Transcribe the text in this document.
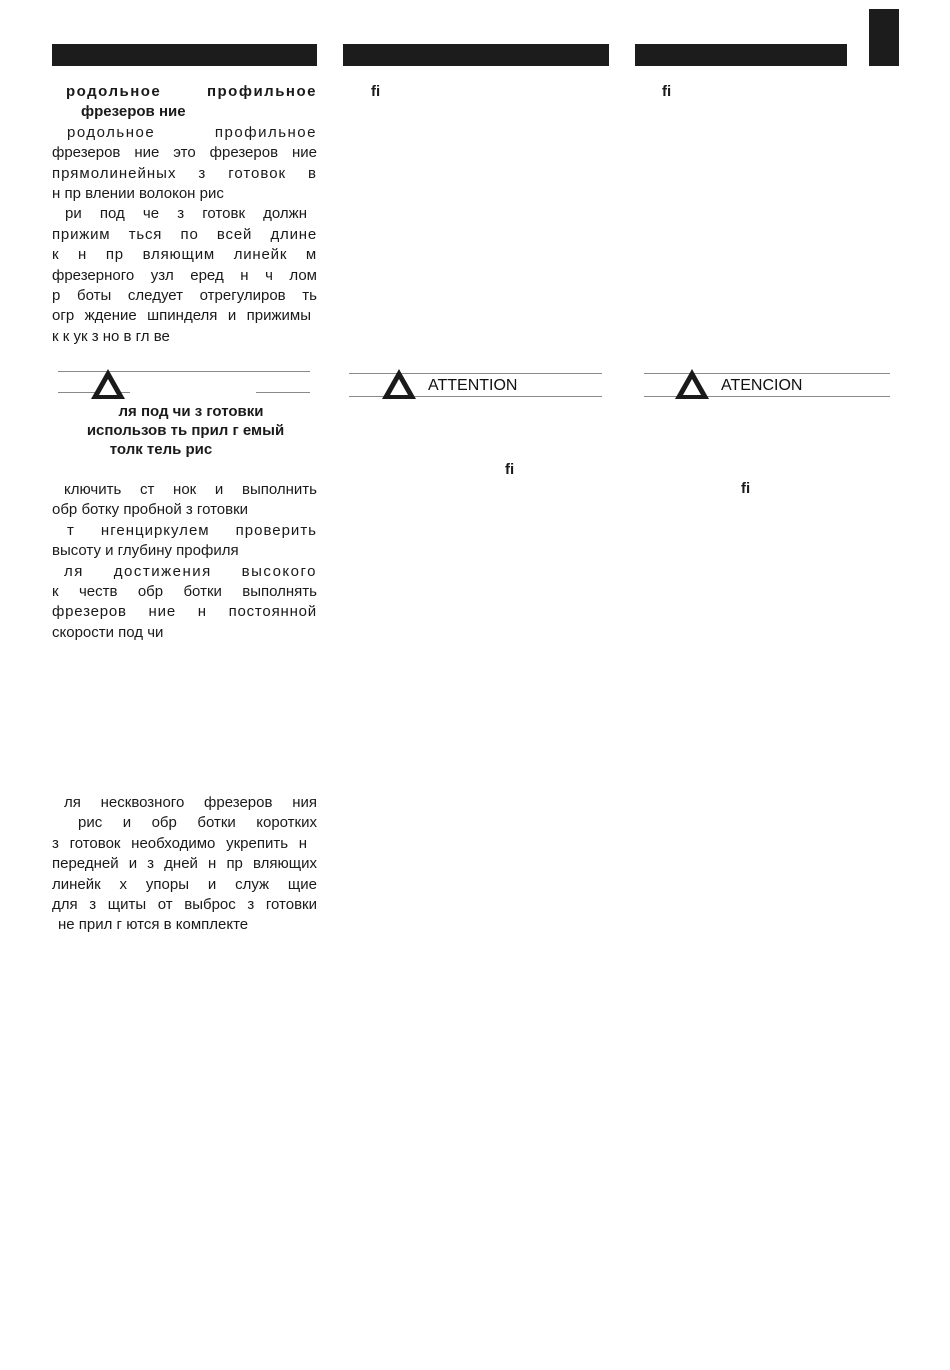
родольное профильное
фрезеров ние
родольное профильное
фрезеров ние это фрезеров ние
прямолинейных з готовок в
н пр влении волокон рис
ри под че з готовк должн
прижим ться по всей длине
к н пр вляющим линейк м
фрезерного узл еред н ч лом
р боты следует отрегулиров ть
огр ждение шпинделя и прижимы
к к ук з но в гл ве
ля под чи з готовки
использов ть прил г емый
толк тель рис
ключить ст нок и выполнить
обр ботку пробной з готовки
т нгенциркулем проверить
высоту и глубину профиля
ля достижения высокого
к честв обр ботки выполнять
фрезеров ние н постоянной
скорости под чи
ля несквозного фрезеров ния
рис и обр ботки коротких
з готовок необходимо укрепить н
передней и з дней н пр вляющих
линейк х упоры и служ щие
для з щиты от выброс з готовки
не прил г ются в комплекте
fi
ATTENTION
fi
fi
ATENCION
fi
